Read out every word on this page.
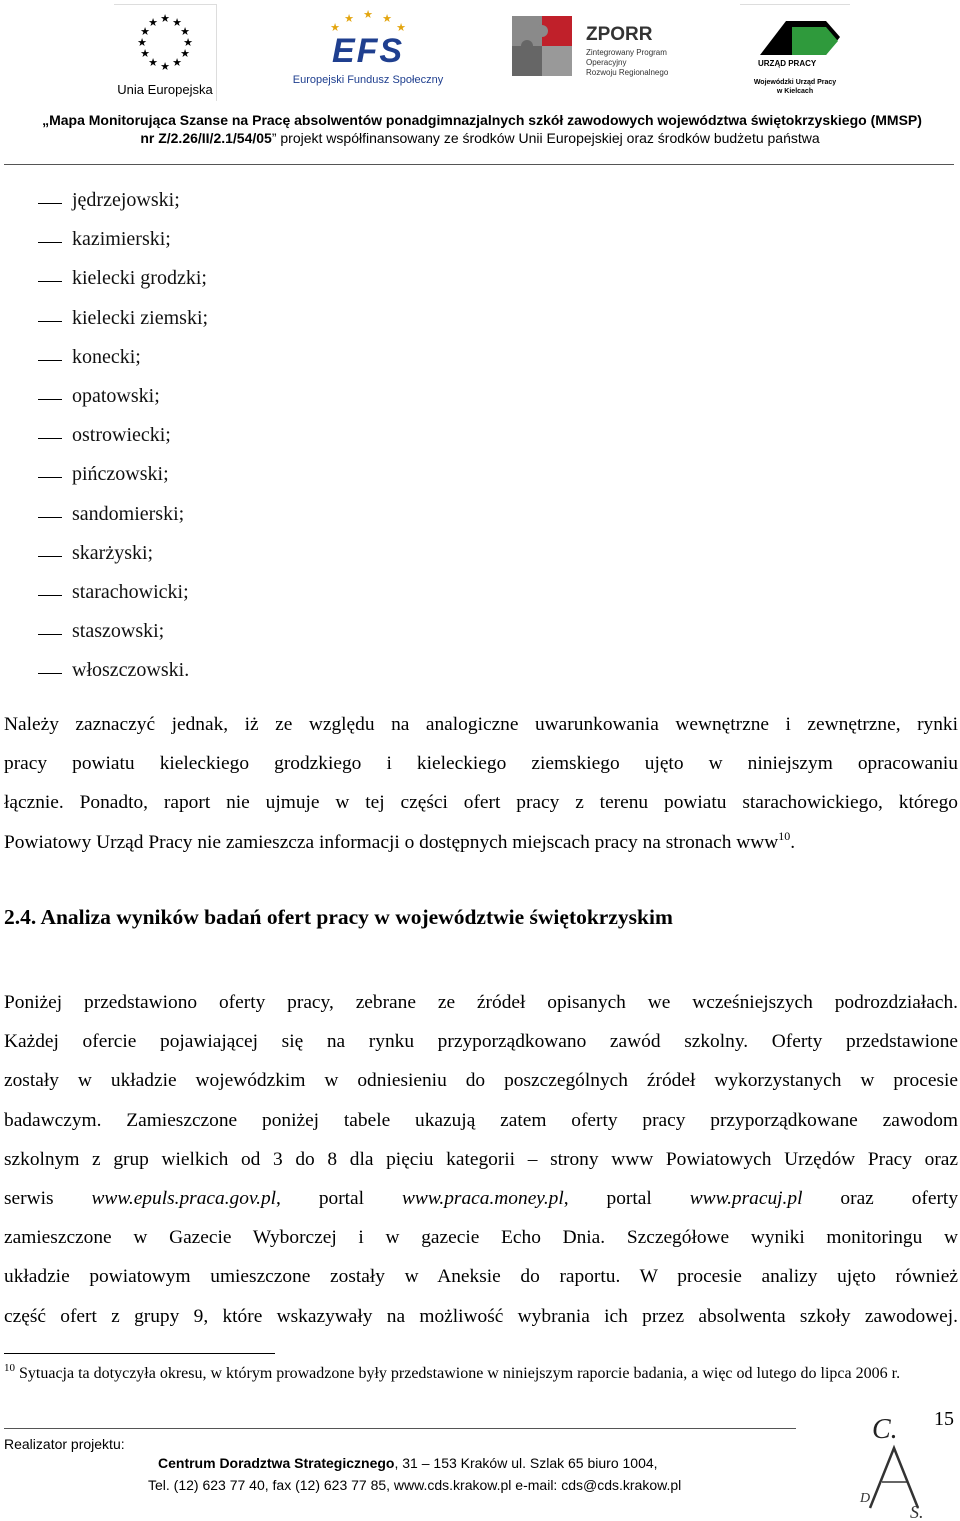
★ ★
★
★
★
★
★
★
★
★
★
★
Unia Europejska
★
★	★
★	★
EFS
Europejski Fundusz Społeczny
ZPORR
Zintegrowany Program
Operacyjny
Rozwoju Regionalnego
URZĄD PRACY
Wojewódzki Urząd Pracy
w Kielcach
„Mapa Monitorująca Szanse na Pracę absolwentów ponadgimnazjalnych szkół zawodowych województwa świętokrzyskiego (MMSP)
nr Z/2.26/II/2.1/54/05” projekt współfinansowany ze środków Unii Europejskiej oraz środków budżetu państwa
jędrzejowski;
kazimierski;
kielecki grodzki;
kielecki ziemski;
konecki;
opatowski;
ostrowiecki;
pińczowski;
sandomierski;
skarżyski;
starachowicki;
staszowski;
włoszczowski.
Należy zaznaczyć jednak, iż ze względu na analogiczne uwarunkowania wewnętrzne i zewnętrzne, rynki
pracy powiatu kieleckiego grodzkiego i kieleckiego ziemskiego ujęto w niniejszym opracowaniu
łącznie. Ponadto, raport nie ujmuje w tej części ofert pracy z terenu powiatu starachowickiego, którego
Powiatowy Urząd Pracy nie zamieszcza informacji o dostępnych miejscach pracy na stronach www$^{10}$.
2.4. Analiza wyników badań ofert pracy w województwie świętokrzyskim
Poniżej przedstawiono oferty pracy, zebrane ze źródeł opisanych we wcześniejszych podrozdziałach.
Każdej ofercie pojawiającej się na rynku przyporządkowano zawód szkolny. Oferty przedstawione
zostały w układzie wojewódzkim w odniesieniu do poszczególnych źródeł wykorzystanych w procesie
badawczym. Zamieszczone poniżej tabele ukazują zatem oferty pracy przyporządkowane zawodom
szkolnym z grup wielkich od 3 do 8 dla pięciu kategorii – strony www Powiatowych Urzędów Pracy oraz
serwis www.epuls.praca.gov.pl, portal www.praca.money.pl, portal www.pracuj.pl oraz oferty
zamieszczone w Gazecie Wyborczej i w gazecie Echo Dnia. Szczegółowe wyniki monitoringu w
układzie powiatowym umieszczone zostały w Aneksie do raportu. W procesie analizy ujęto również
część ofert z grupy 9, które wskazywały na możliwość wybrania ich przez absolwenta szkoły zawodowej.
$^{10}$ Sytuacja ta dotyczyła okresu, w którym prowadzone były przedstawione w niniejszym raporcie badania, a więc od lutego do lipca 2006 r.
Realizator projektu:
Centrum Doradztwa Strategicznego, 31 – 153 Kraków ul. Szlak 65 biuro 1004,
Tel. (12) 623 77 40, fax (12) 623 77 85, www.cds.krakow.pl e-mail: cds@cds.krakow.pl
15
C.
D
S.
